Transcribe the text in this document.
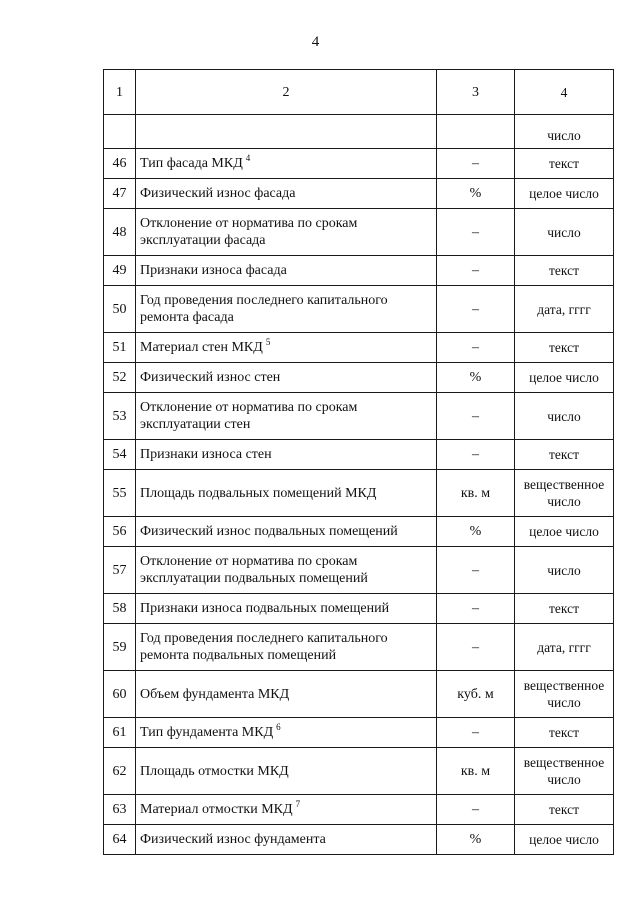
4
1	2	3	4
			число
46	Тип фасада МКД $^4$	–	текст
47	Физический износ фасада	%	целое число
48	Отклонение от норматива по срокам эксплуатации фасада	–	число
49	Признаки износа фасада	–	текст
50	Год проведения последнего капитального ремонта фасада	–	дата, гггг
51	Материал стен МКД $^5$	–	текст
52	Физический износ стен	%	целое число
53	Отклонение от норматива по срокам эксплуатации стен	–	число
54	Признаки износа стен	–	текст
55	Площадь подвальных помещений МКД	кв. м	вещественное число
56	Физический износ подвальных помещений	%	целое число
57	Отклонение от норматива по срокам эксплуатации подвальных помещений	–	число
58	Признаки износа подвальных помещений	–	текст
59	Год проведения последнего капитального ремонта подвальных помещений	–	дата, гггг
60	Объем фундамента МКД	куб. м	вещественное число
61	Тип фундамента МКД $^6$	–	текст
62	Площадь отмостки МКД	кв. м	вещественное число
63	Материал отмостки МКД $^7$	–	текст
64	Физический износ фундамента	%	целое число
